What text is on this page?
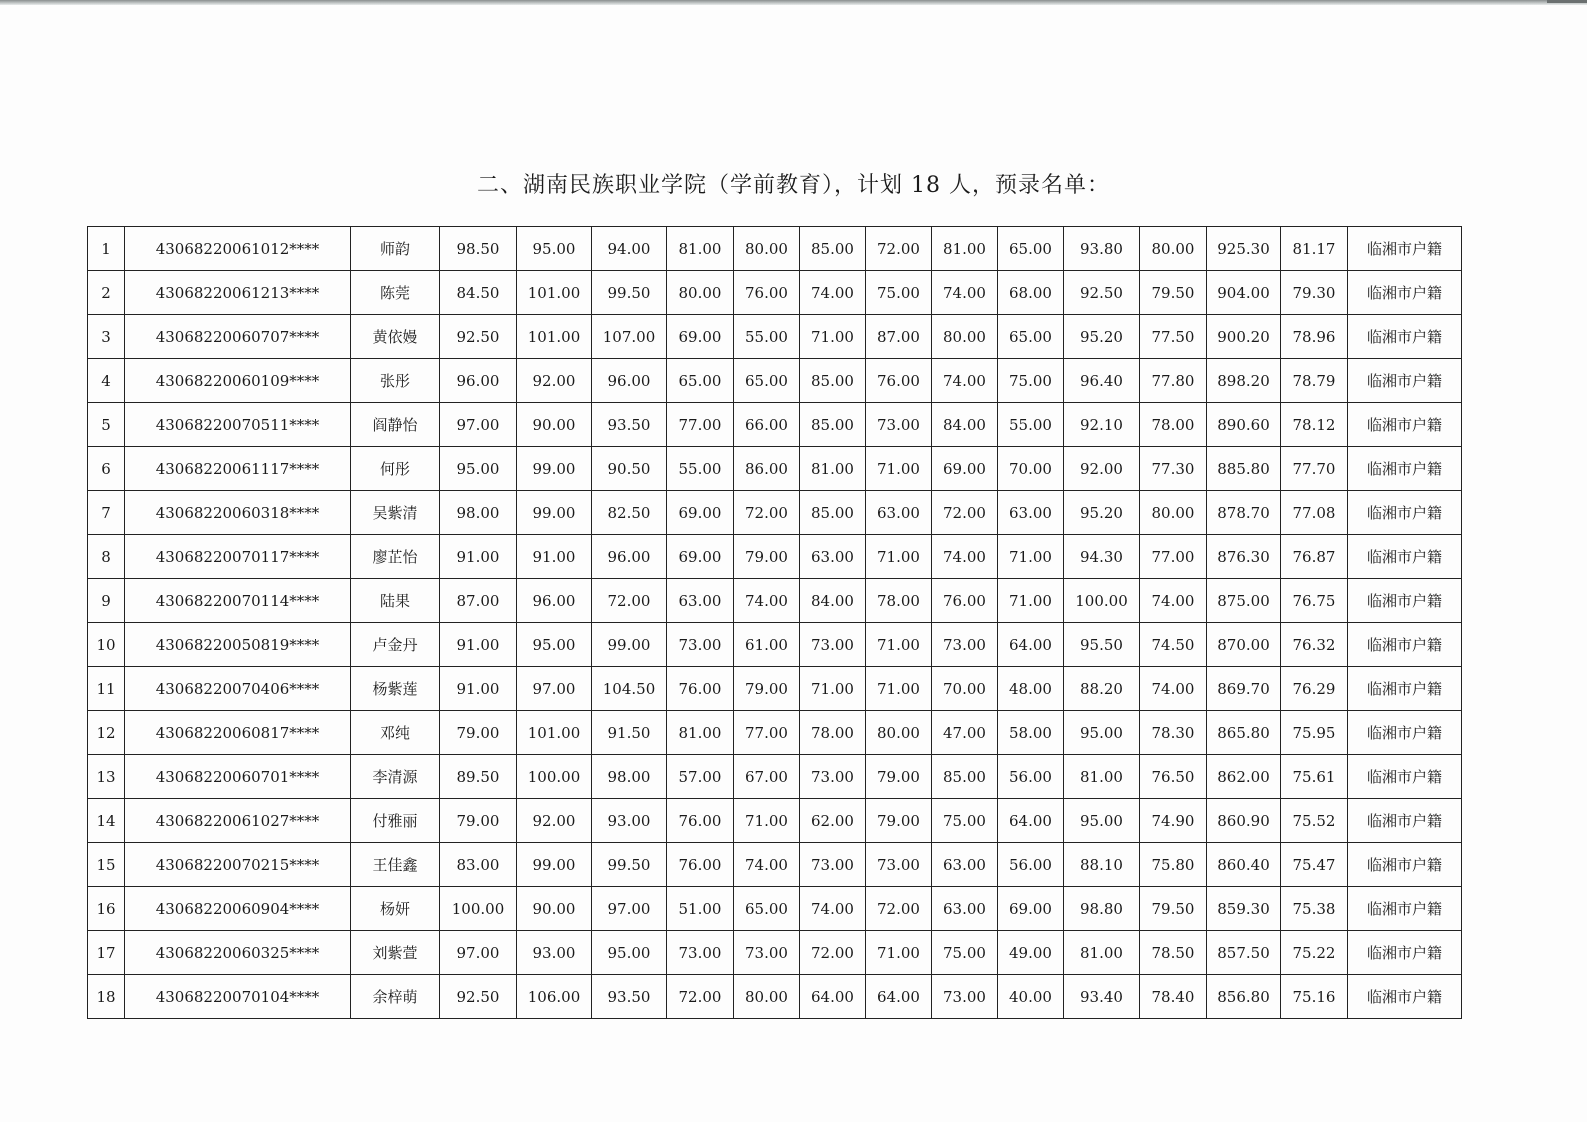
二、湖南民族职业学院（学前教育），计划 18 人，预录名单：
1	43068220061012****	师韵	98.50	95.00	94.00	81.00	80.00	85.00	72.00	81.00	65.00	93.80	80.00	925.30	81.17	临湘市户籍
2	43068220061213****	陈莞	84.50	101.00	99.50	80.00	76.00	74.00	75.00	74.00	68.00	92.50	79.50	904.00	79.30	临湘市户籍
3	43068220060707****	黄依嫚	92.50	101.00	107.00	69.00	55.00	71.00	87.00	80.00	65.00	95.20	77.50	900.20	78.96	临湘市户籍
4	43068220060109****	张彤	96.00	92.00	96.00	65.00	65.00	85.00	76.00	74.00	75.00	96.40	77.80	898.20	78.79	临湘市户籍
5	43068220070511****	阎静怡	97.00	90.00	93.50	77.00	66.00	85.00	73.00	84.00	55.00	92.10	78.00	890.60	78.12	临湘市户籍
6	43068220061117****	何彤	95.00	99.00	90.50	55.00	86.00	81.00	71.00	69.00	70.00	92.00	77.30	885.80	77.70	临湘市户籍
7	43068220060318****	吴紫清	98.00	99.00	82.50	69.00	72.00	85.00	63.00	72.00	63.00	95.20	80.00	878.70	77.08	临湘市户籍
8	43068220070117****	廖芷怡	91.00	91.00	96.00	69.00	79.00	63.00	71.00	74.00	71.00	94.30	77.00	876.30	76.87	临湘市户籍
9	43068220070114****	陆果	87.00	96.00	72.00	63.00	74.00	84.00	78.00	76.00	71.00	100.00	74.00	875.00	76.75	临湘市户籍
10	43068220050819****	卢金丹	91.00	95.00	99.00	73.00	61.00	73.00	71.00	73.00	64.00	95.50	74.50	870.00	76.32	临湘市户籍
11	43068220070406****	杨紫莲	91.00	97.00	104.50	76.00	79.00	71.00	71.00	70.00	48.00	88.20	74.00	869.70	76.29	临湘市户籍
12	43068220060817****	邓纯	79.00	101.00	91.50	81.00	77.00	78.00	80.00	47.00	58.00	95.00	78.30	865.80	75.95	临湘市户籍
13	43068220060701****	李清源	89.50	100.00	98.00	57.00	67.00	73.00	79.00	85.00	56.00	81.00	76.50	862.00	75.61	临湘市户籍
14	43068220061027****	付雅丽	79.00	92.00	93.00	76.00	71.00	62.00	79.00	75.00	64.00	95.00	74.90	860.90	75.52	临湘市户籍
15	43068220070215****	王佳鑫	83.00	99.00	99.50	76.00	74.00	73.00	73.00	63.00	56.00	88.10	75.80	860.40	75.47	临湘市户籍
16	43068220060904****	杨妍	100.00	90.00	97.00	51.00	65.00	74.00	72.00	63.00	69.00	98.80	79.50	859.30	75.38	临湘市户籍
17	43068220060325****	刘紫萱	97.00	93.00	95.00	73.00	73.00	72.00	71.00	75.00	49.00	81.00	78.50	857.50	75.22	临湘市户籍
18	43068220070104****	余梓萌	92.50	106.00	93.50	72.00	80.00	64.00	64.00	73.00	40.00	93.40	78.40	856.80	75.16	临湘市户籍
